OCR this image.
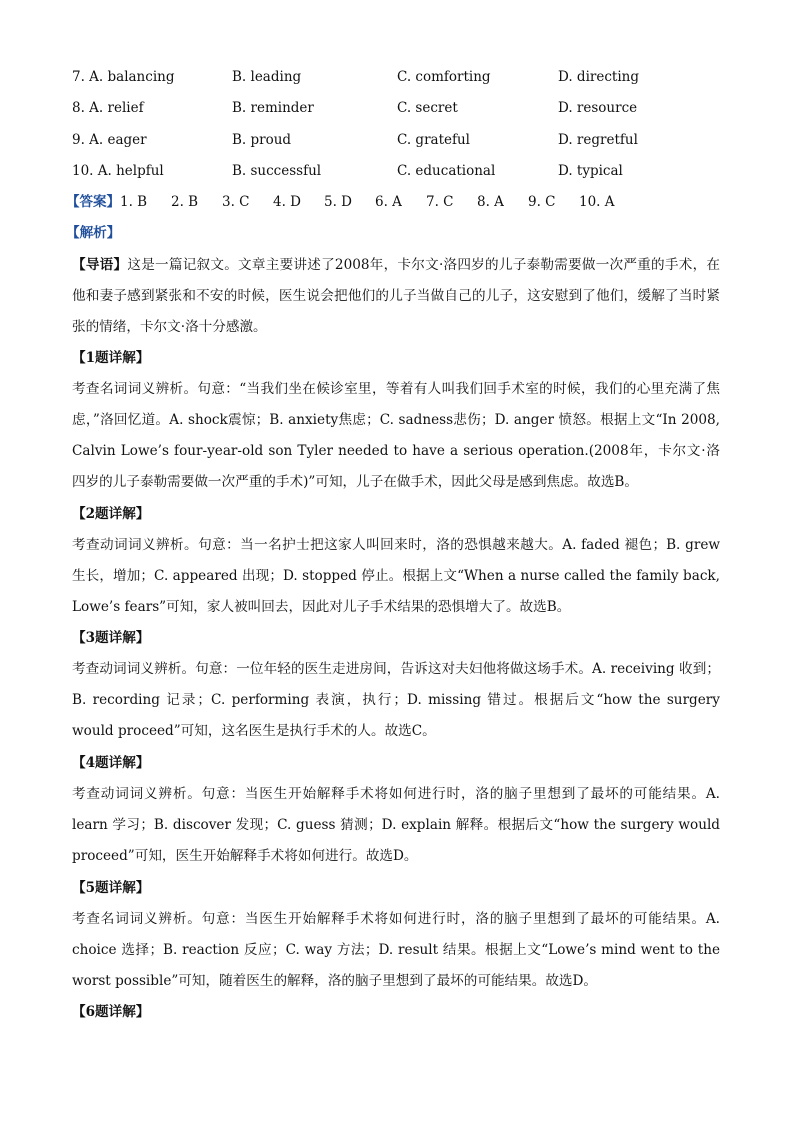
7. A. balancing	B. leading	C. comforting	D. directing
8. A. relief	B. reminder	C. secret	D. resource
9. A. eager	B. proud	C. grateful	D. regretful
10. A. helpful	B. successful	C. educational	D. typical
【答案】1. B 2. B 3. C 4. D 5. D 6. A 7. C 8. A 9. C 10. A
【解析】
【导语】这是一篇记叙文。文章主要讲述了2008年，卡尔文·洛四岁的儿子泰勒需要做一次严重的手术，在他和妻子感到紧张和不安的时候，医生说会把他们的儿子当做自己的儿子，这安慰到了他们，缓解了当时紧张的情绪，卡尔文·洛十分感激。
【1题详解】
考查名词词义辨析。句意：“当我们坐在候诊室里，等着有人叫我们回手术室的时候，我们的心里充满了焦虑，”洛回忆道。A. shock震惊；B. anxiety焦虑；C. sadness悲伤；D. anger 愤怒。根据上文“In 2008, Calvin Lowe’s four-year-old son Tyler needed to have a serious operation.(2008年，卡尔文·洛四岁的儿子泰勒需要做一次严重的手术)”可知，儿子在做手术，因此父母是感到焦虑。故选B。
【2题详解】
考查动词词义辨析。句意：当一名护士把这家人叫回来时，洛的恐惧越来越大。A. faded 褪色；B. grew 生长，增加；C. appeared 出现；D. stopped 停止。根据上文“When a nurse called the family back, Lowe’s fears”可知，家人被叫回去，因此对儿子手术结果的恐惧增大了。故选B。
【3题详解】
考查动词词义辨析。句意：一位年轻的医生走进房间，告诉这对夫妇他将做这场手术。A. receiving 收到；B. recording 记录；C. performing 表演，执行；D. missing 错过。根据后文“how the surgery would proceed”可知，这名医生是执行手术的人。故选C。
【4题详解】
考查动词词义辨析。句意：当医生开始解释手术将如何进行时，洛的脑子里想到了最坏的可能结果。A. learn 学习；B. discover 发现；C. guess 猜测；D. explain 解释。根据后文“how the surgery would proceed”可知，医生开始解释手术将如何进行。故选D。
【5题详解】
考查名词词义辨析。句意：当医生开始解释手术将如何进行时，洛的脑子里想到了最坏的可能结果。A. choice 选择；B. reaction 反应；C. way 方法；D. result 结果。根据上文“Lowe’s mind went to the worst possible”可知，随着医生的解释，洛的脑子里想到了最坏的可能结果。故选D。
【6题详解】
